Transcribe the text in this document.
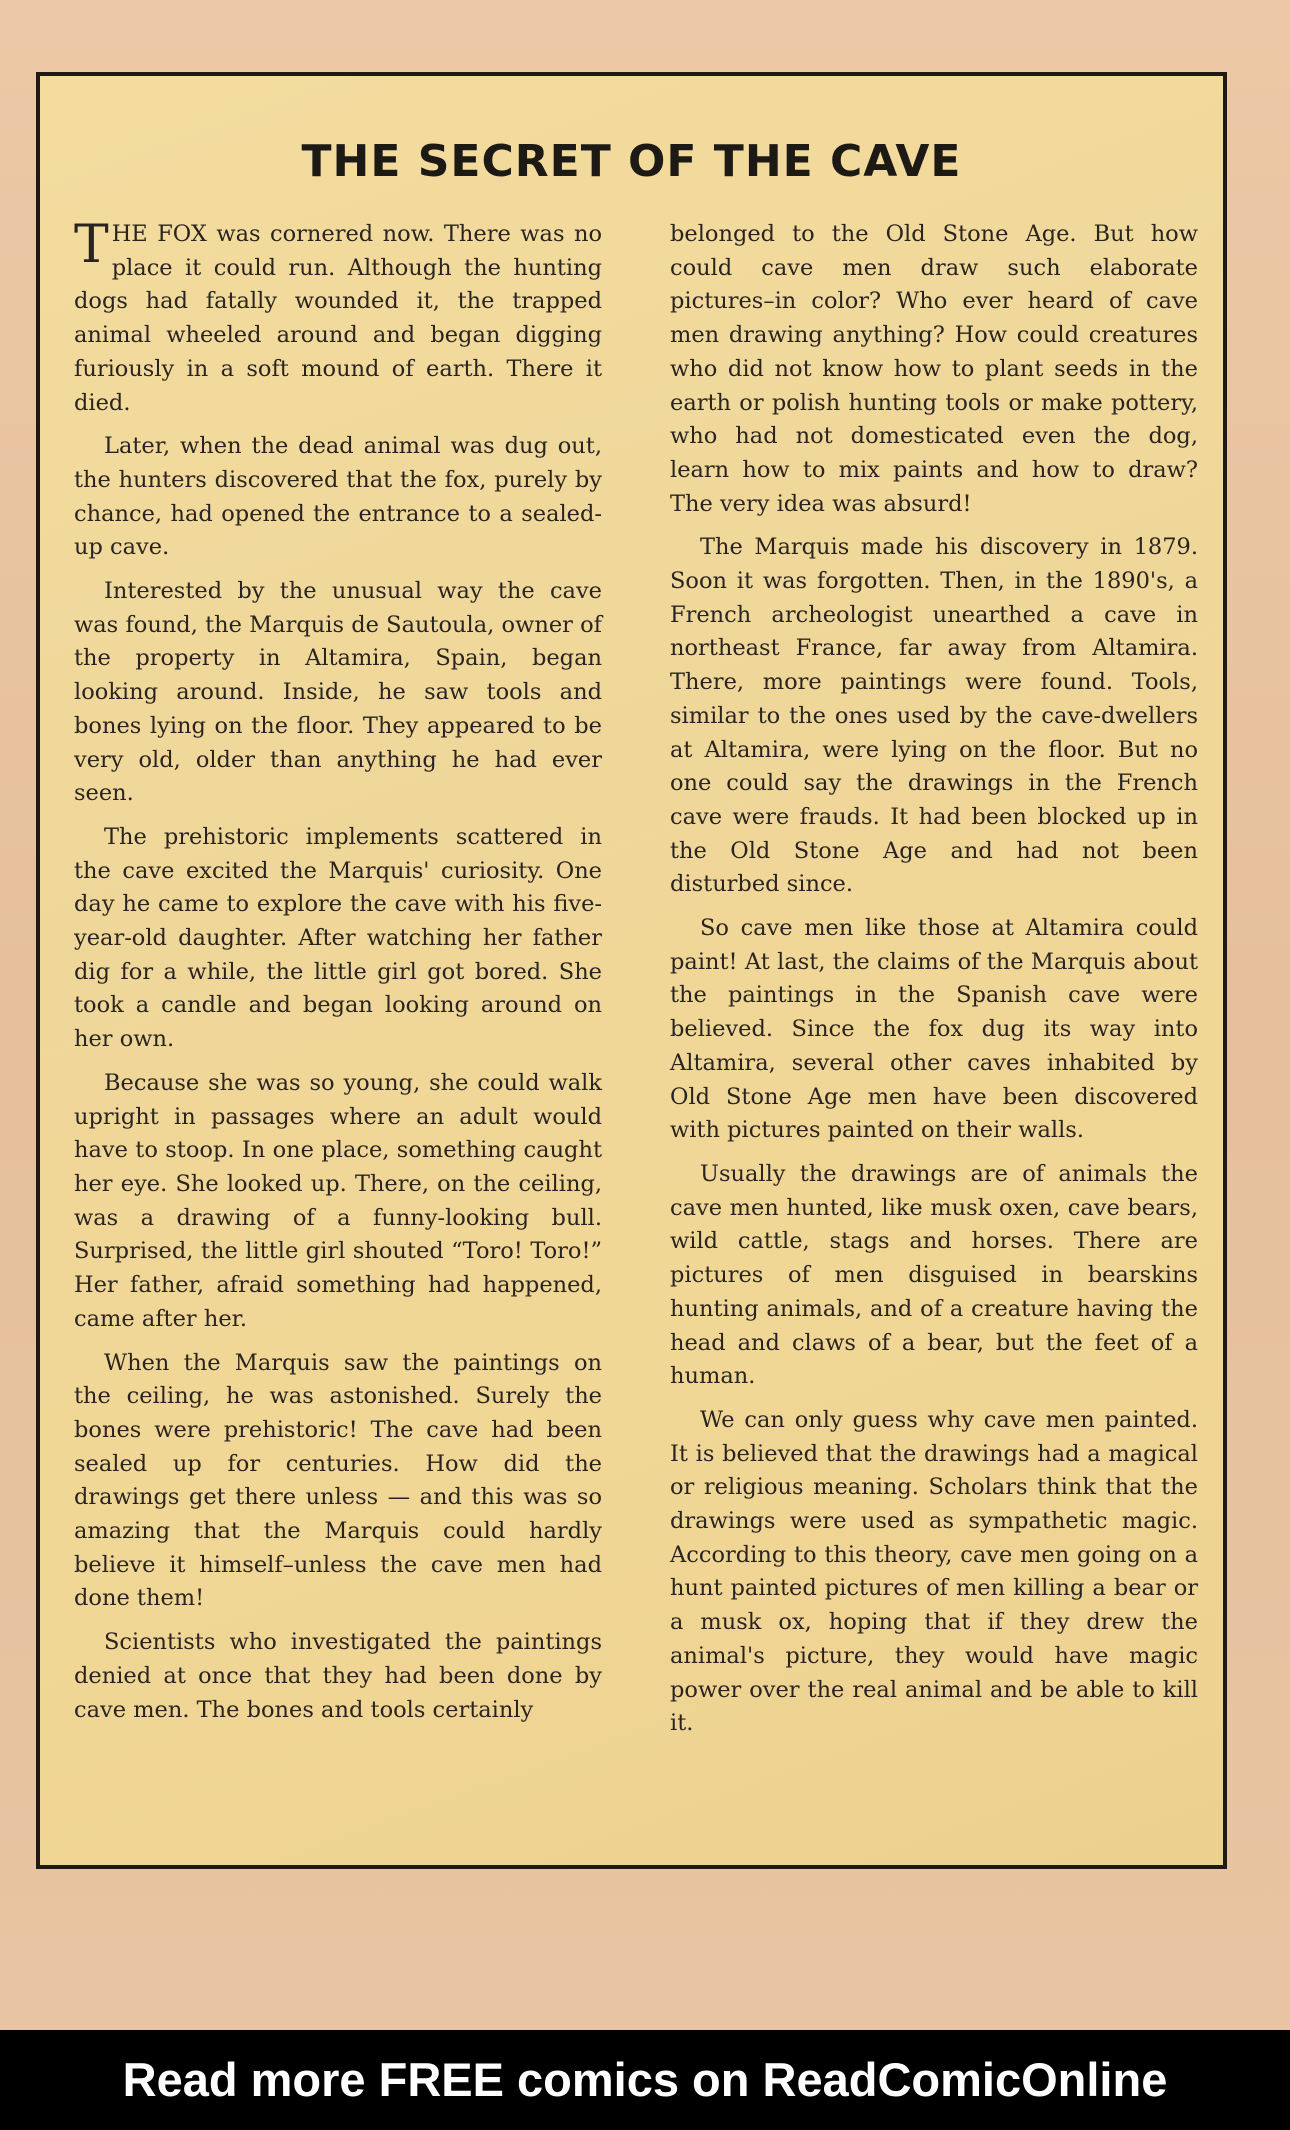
THE SECRET OF THE CAVE

THE FOX was cornered now. There was no place it could run. Although the hunting dogs had fatally wounded it, the trapped animal wheeled around and began digging furiously in a soft mound of earth. There it died.

Later, when the dead animal was dug out, the hunters discovered that the fox, purely by chance, had opened the entrance to a sealed-up cave.

Interested by the unusual way the cave was found, the Marquis de Sautoula, owner of the property in Altamira, Spain, began looking around. Inside, he saw tools and bones lying on the floor. They appeared to be very old, older than anything he had ever seen.

The prehistoric implements scattered in the cave excited the Marquis' curiosity. One day he came to explore the cave with his five-year-old daughter. After watching her father dig for a while, the little girl got bored. She took a candle and began looking around on her own.

Because she was so young, she could walk upright in passages where an adult would have to stoop. In one place, something caught her eye. She looked up. There, on the ceiling, was a drawing of a funny-looking bull. Surprised, the little girl shouted “Toro! Toro!” Her father, afraid something had happened, came after her.

When the Marquis saw the paintings on the ceiling, he was astonished. Surely the bones were prehistoric! The cave had been sealed up for centuries. How did the drawings get there unless — and this was so amazing that the Marquis could hardly believe it himself–unless the cave men had done them!

Scientists who investigated the paintings denied at once that they had been done by cave men. The bones and tools certainly

belonged to the Old Stone Age. But how could cave men draw such elaborate pictures–in color? Who ever heard of cave men drawing anything? How could creatures who did not know how to plant seeds in the earth or polish hunting tools or make pottery, who had not domesticated even the dog, learn how to mix paints and how to draw? The very idea was absurd!

The Marquis made his discovery in 1879. Soon it was forgotten. Then, in the 1890's, a French archeologist unearthed a cave in northeast France, far away from Altamira. There, more paintings were found. Tools, similar to the ones used by the cave-dwellers at Altamira, were lying on the floor. But no one could say the drawings in the French cave were frauds. It had been blocked up in the Old Stone Age and had not been disturbed since.

So cave men like those at Altamira could paint! At last, the claims of the Marquis about the paintings in the Spanish cave were believed. Since the fox dug its way into Altamira, several other caves inhabited by Old Stone Age men have been discovered with pictures painted on their walls.

Usually the drawings are of animals the cave men hunted, like musk oxen, cave bears, wild cattle, stags and horses. There are pictures of men disguised in bearskins hunting animals, and of a creature having the head and claws of a bear, but the feet of a human.

We can only guess why cave men painted. It is believed that the drawings had a magical or religious meaning. Scholars think that the drawings were used as sympathetic magic. According to this theory, cave men going on a hunt painted pictures of men killing a bear or a musk ox, hoping that if they drew the animal's picture, they would have magic power over the real animal and be able to kill it.

Read more FREE comics on ReadComicOnline
